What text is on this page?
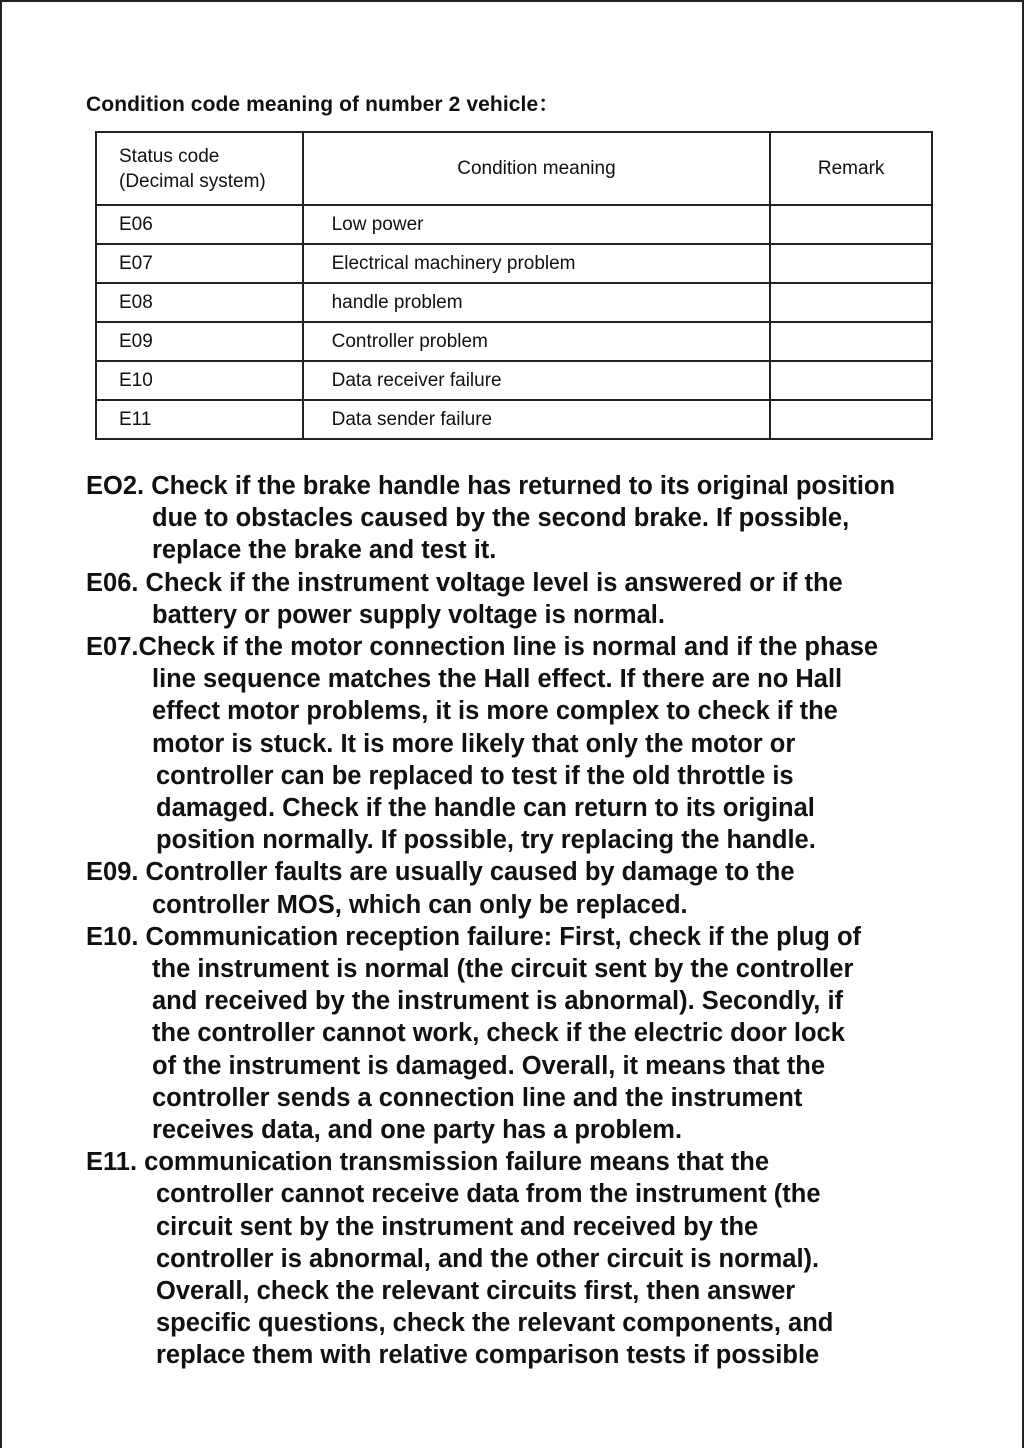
Condition code meaning of number 2 vehicle：
Status code
(Decimal system)	Condition meaning	Remark
E06	Low power	
E07	Electrical machinery problem	
E08	handle problem	
E09	Controller problem	
E10	Data receiver failure	
E11	Data sender failure	
EO2. Check if the brake handle has returned to its original position
due to obstacles caused by the second brake. If possible,
replace the brake and test it.
E06. Check if the instrument voltage level is answered or if the
battery or power supply voltage is normal.
E07.Check if the motor connection line is normal and if the phase
line sequence matches the Hall effect. If there are no Hall
effect motor problems, it is more complex to check if the
motor is stuck. It is more likely that only the motor or
controller can be replaced to test if the old throttle is
damaged. Check if the handle can return to its original
position normally. If possible, try replacing the handle.
E09. Controller faults are usually caused by damage to the
controller MOS, which can only be replaced.
E10. Communication reception failure: First, check if the plug of
the instrument is normal (the circuit sent by the controller
and received by the instrument is abnormal). Secondly, if
the controller cannot work, check if the electric door lock
of the instrument is damaged. Overall, it means that the
controller sends a connection line and the instrument
receives data, and one party has a problem.
E11. communication transmission failure means that the
controller cannot receive data from the instrument (the
circuit sent by the instrument and received by the
controller is abnormal, and the other circuit is normal).
Overall, check the relevant circuits first, then answer
specific questions, check the relevant components, and
replace them with relative comparison tests if possible
